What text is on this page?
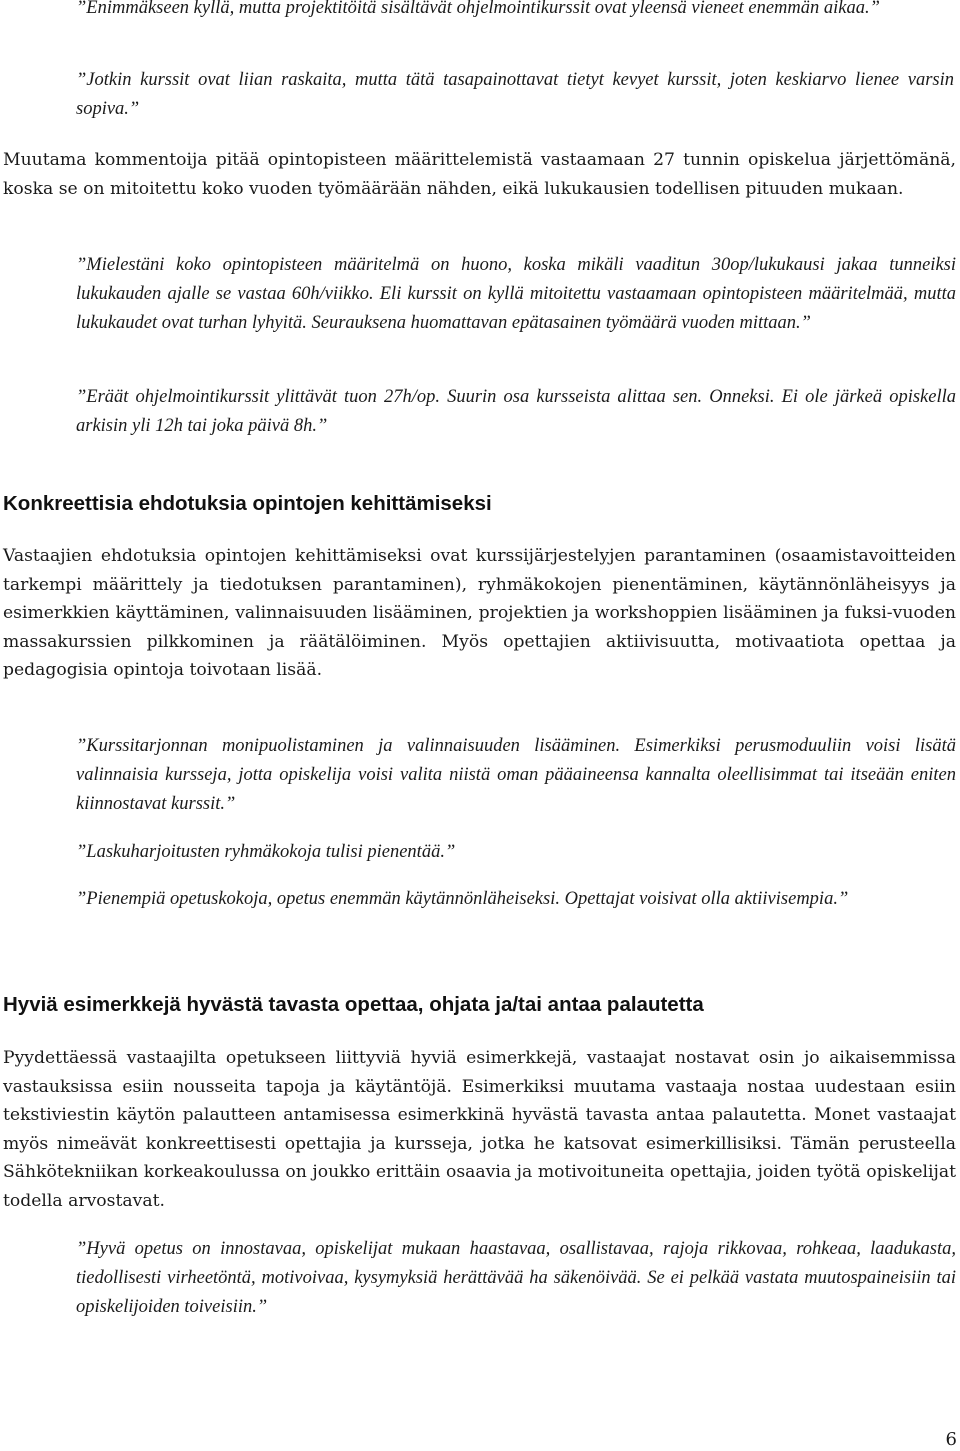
”Enimmäkseen kyllä, mutta projektitöitä sisältävät ohjelmointikurssit ovat yleensä vieneet enemmän aikaa.”

”Jotkin kurssit ovat liian raskaita, mutta tätä tasapainottavat tietyt kevyet kurssit, joten keskiarvo lienee varsin sopiva.”

Muutama kommentoija pitää opintopisteen määrittelemistä vastaamaan 27 tunnin opiskelua järjettömänä, koska se on mitoitettu koko vuoden työmäärään nähden, eikä lukukausien todellisen pituuden mukaan.

”Mielestäni koko opintopisteen määritelmä on huono, koska mikäli vaaditun 30op/lukukausi jakaa tunneiksi lukukauden ajalle se vastaa 60h/viikko. Eli kurssit on kyllä mitoitettu vastaamaan opintopisteen määritelmää, mutta lukukaudet ovat turhan lyhyitä. Seurauksena huomattavan epätasainen työmäärä vuoden mittaan.”

”Eräät ohjelmointikurssit ylittävät tuon 27h/op. Suurin osa kursseista alittaa sen. Onneksi. Ei ole järkeä opiskella arkisin yli 12h tai joka päivä 8h.”

Konkreettisia ehdotuksia opintojen kehittämiseksi

Vastaajien ehdotuksia opintojen kehittämiseksi ovat kurssijärjestelyjen parantaminen (osaamistavoitteiden tarkempi määrittely ja tiedotuksen parantaminen), ryhmäkokojen pienentäminen, käytännönläheisyys ja esimerkkien käyttäminen, valinnaisuuden lisääminen, projektien ja workshoppien lisääminen ja fuksi-vuoden massakurssien pilkkominen ja räätälöiminen. Myös opettajien aktiivisuutta, motivaatiota opettaa ja pedagogisia opintoja toivotaan lisää.

”Kurssitarjonnan monipuolistaminen ja valinnaisuuden lisääminen. Esimerkiksi perusmoduuliin voisi lisätä valinnaisia kursseja, jotta opiskelija voisi valita niistä oman pääaineensa kannalta oleellisimmat tai itseään eniten kiinnostavat kurssit.”

”Laskuharjoitusten ryhmäkokoja tulisi pienentää.”

”Pienempiä opetuskokoja, opetus enemmän käytännönläheiseksi. Opettajat voisivat olla aktiivisempia.”

Hyviä esimerkkejä hyvästä tavasta opettaa, ohjata ja/tai antaa palautetta

Pyydettäessä vastaajilta opetukseen liittyviä hyviä esimerkkejä, vastaajat nostavat osin jo aikaisemmissa vastauksissa esiin nousseita tapoja ja käytäntöjä. Esimerkiksi muutama vastaaja nostaa uudestaan esiin tekstiviestin käytön palautteen antamisessa esimerkkinä hyvästä tavasta antaa palautetta. Monet vastaajat myös nimeävät konkreettisesti opettajia ja kursseja, jotka he katsovat esimerkillisiksi. Tämän perusteella Sähkötekniikan korkeakoulussa on joukko erittäin osaavia ja motivoituneita opettajia, joiden työtä opiskelijat todella arvostavat.

”Hyvä opetus on innostavaa, opiskelijat mukaan haastavaa, osallistavaa, rajoja rikkovaa, rohkeaa, laadukasta, tiedollisesti virheetöntä, motivoivaa, kysymyksiä herättävää ha säkenöivää. Se ei pelkää vastata muutospaineisiin tai opiskelijoiden toiveisiin.”

6
